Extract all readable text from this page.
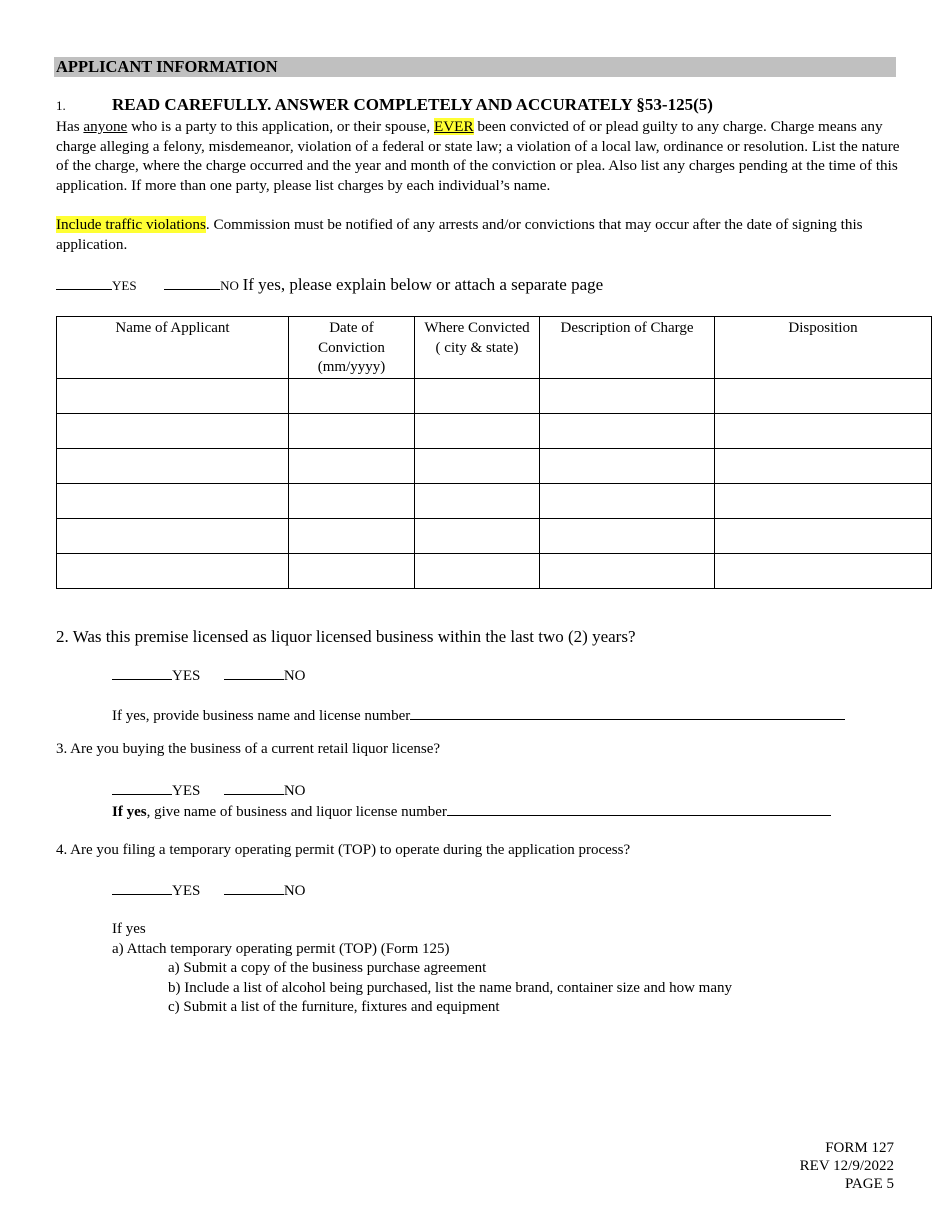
APPLICANT INFORMATION
1.	READ CAREFULLY. ANSWER COMPLETELY AND ACCURATELY §53-125(5)
Has anyone who is a party to this application, or their spouse, EVER been convicted of or plead guilty to any charge. Charge means any charge alleging a felony, misdemeanor, violation of a federal or state law; a violation of a local law, ordinance or resolution. List the nature of the charge, where the charge occurred and the year and month of the conviction or plea. Also list any charges pending at the time of this application. If more than one party, please list charges by each individual’s name.
Include traffic violations. Commission must be notified of any arrests and/or convictions that may occur after the date of signing this application.
YES	NO If yes, please explain below or attach a separate page
Name of Applicant	Date of Conviction (mm/yyyy)	Where Convicted ( city & state)	Description of Charge	Disposition

2. Was this premise licensed as liquor licensed business within the last two (2) years?
YES	NO
If yes, provide business name and license number
3. Are you buying the business of a current retail liquor license?
YES	NO
If yes, give name of business and liquor license number
4. Are you filing a temporary operating permit (TOP) to operate during the application process?
YES	NO
If yes
a) Attach temporary operating permit (TOP) (Form 125)
a) Submit a copy of the business purchase agreement
b) Include a list of alcohol being purchased, list the name brand, container size and how many
c) Submit a list of the furniture, fixtures and equipment
FORM 127
REV 12/9/2022
PAGE 5
